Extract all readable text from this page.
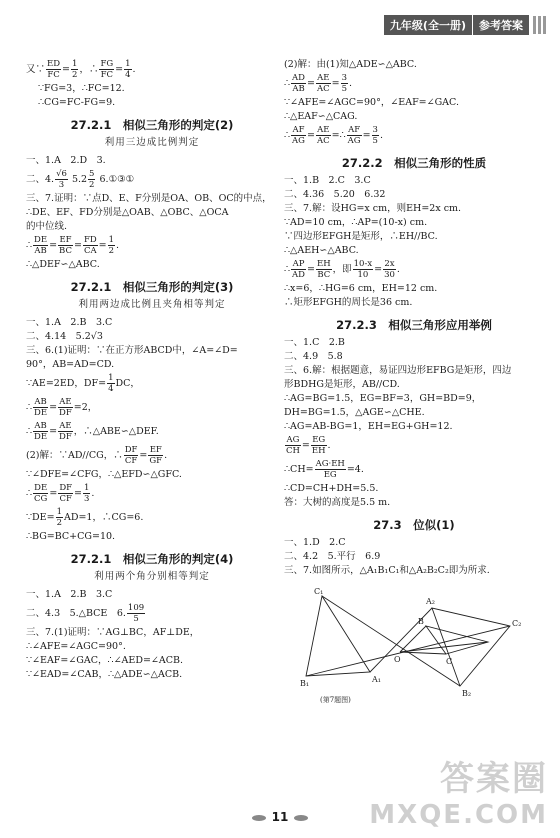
九年级(全一册)	参考答案
又∵ $\frac{ED}{FC} = \frac{1}{2}$ ，∴ $\frac{FG}{FC} = \frac{1}{4}$ .
∵FG=3，∴FC=12.
∴CG=FC-FG=9.
27.2.1　相似三角形的判定(2)
利用三边成比例判定
一、1.A　2.D　3.
二、4. $\frac{√6}{3} 5.2 \frac{5}{2}$ 6.①③①
三、7.证明：∵点D、E、F分别是OA、OB、OC的中点，
∴DE、EF、FD分别是△OAB、△OBC、△OCA
的中位线.
∴ $\frac{DE}{AB} = \frac{EF}{BC} = \frac{FD}{CA} = \frac{1}{2}$ .
∴△DEF∽△ABC.
27.2.1　相似三角形的判定(3)
利用两边成比例且夹角相等判定
一、1.A　2.B　3.C
二、4.14　5.2√3
三、6.(1)证明：∵在正方形ABCD中，∠A=∠D=
90°，AB=AD=CD.
∵AE=2ED，$DF= \frac{1}{4}$ DC，
∴ $\frac{AB}{DE} = \frac{AE}{DF} =2$，
∴ $\frac{AB}{DE} = \frac{AE}{DF}$ ，∴△ABE∽△DEF.
(2)解：∵AD//CG，∴ $\frac{DF}{CF} = \frac{EF}{GF}$ .
∵∠DFE=∠CFG，∴△EFD∽△GFC.
∴ $\frac{DE}{CG} = \frac{DF}{CF} = \frac{1}{3}$ .
∵DE= $\frac{1}{2} AD=1$，∴CG=6.
∴BG=BC+CG=10.
27.2.1　相似三角形的判定(4)
利用两个角分别相等判定
一、1.A　2.B　3.C
二、4.3　5.△BCE　6. $\frac{109}{5}$
三、7.(1)证明：∵AG⊥BC，AF⊥DE，
∴∠AFE=∠AGC=90°.
∵∠EAF=∠GAC，∴∠AED=∠ACB.
∵∠EAD=∠CAB，∴△ADE∽△ACB.
(2)解：由(1)知△ADE∽△ABC.
∴ $\frac{AD}{AB} = \frac{AE}{AC} = \frac{3}{5}$ .
∵∠AFE=∠AGC=90°，∠EAF=∠GAC.
∴△EAF∽△CAG.
∴ $\frac{AF}{AG} = \frac{AE}{AC}$ =∴ $\frac{AF}{AG} = \frac{3}{5}$ .
27.2.2　相似三角形的性质
一、1.B　2.C　3.C
二、4.36　5.20　6.32
三、7.解：设HG=x cm，则EH=2x cm.
∵AD=10 cm，∴AP=(10-x) cm.
∵四边形EFGH是矩形，∴EH//BC.
∴△AEH∽△ABC.
∴ $\frac{AP}{AD} = \frac{EH}{BC}$ ，即 $\frac{10-x}{10} = \frac{2x}{30}$ .
∴x=6，∴HG=6 cm，EH=12 cm.
∴矩形EFGH的周长是36 cm.
27.2.3　相似三角形应用举例
一、1.C　2.B
二、4.9　5.8
三、6.解：根据题意，易证四边形EFBG是矩形，四边
形BDHG是矩形，AB//CD.
∴AG=BG=1.5，EG=BF=3，GH=BD=9，
DH=BG=1.5，△AGE∽△CHE.
∴AG=AB-BG=1，EH=EG+GH=12.
$\frac{AG}{CH} = \frac{EG}{EH}$ .
∴CH= $\frac{AG\cdot EH}{EG} =4$.
∴CD=CH+DH=5.5.
答：大树的高度是5.5 m.
27.3　位似(1)
一、1.D　2.C
二、4.2　5.平行　6.9
三、7.如图所示，△A₁B₁C₁和△A₂B₂C₂即为所求.
C₁
B₁	A₁
A₂
B₂
C₂
O
B
C
(第7题图)
11
答案圈
MXQE.COM
